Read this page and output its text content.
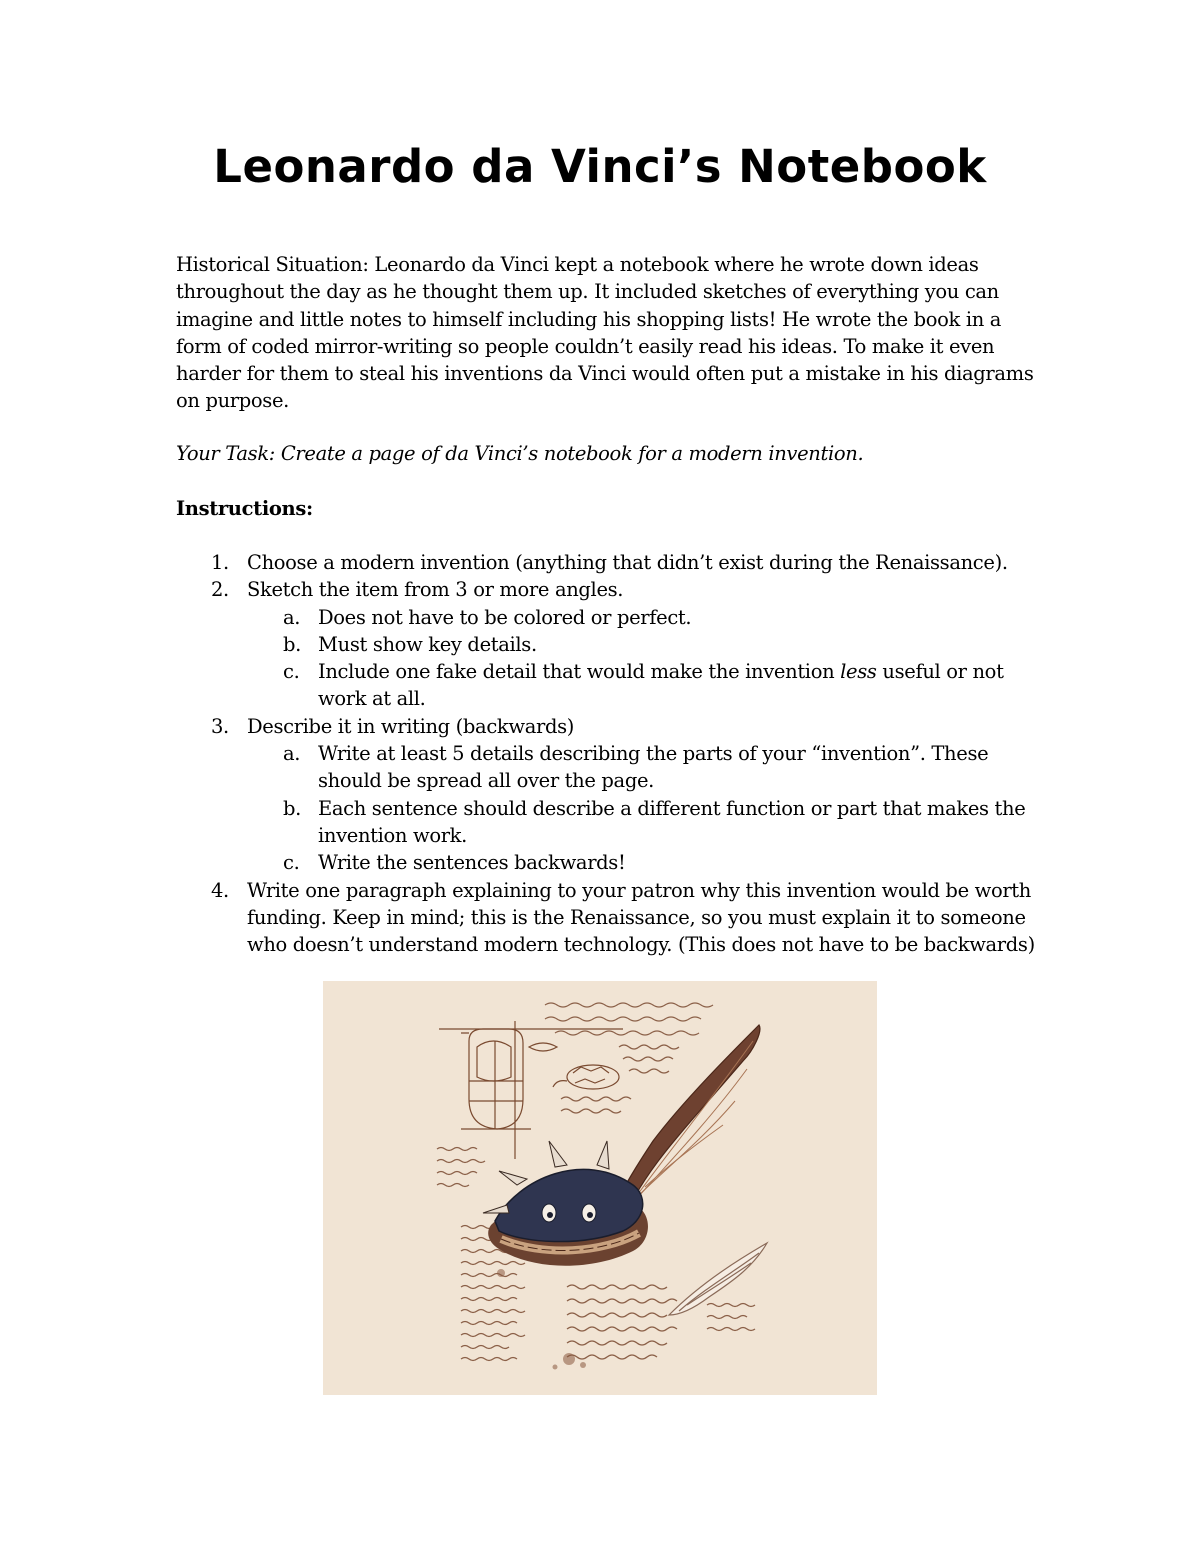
Leonardo da Vinci’s Notebook
Historical Situation: Leonardo da Vinci kept a notebook where he wrote down ideas throughout the day as he thought them up. It included sketches of everything you can imagine and little notes to himself including his shopping lists! He wrote the book in a form of coded mirror-writing so people couldn’t easily read his ideas. To make it even harder for them to steal his inventions da Vinci would often put a mistake in his diagrams on purpose.
Your Task: Create a page of da Vinci’s notebook for a modern invention.
Instructions:
1. Choose a modern invention (anything that didn’t exist during the Renaissance).
2. Sketch the item from 3 or more angles.
a. Does not have to be colored or perfect.
b. Must show key details.
c. Include one fake detail that would make the invention less useful or not work at all.
3. Describe it in writing (backwards)
a. Write at least 5 details describing the parts of your “invention”. These should be spread all over the page.
b. Each sentence should describe a different function or part that makes the invention work.
c. Write the sentences backwards!
4. Write one paragraph explaining to your patron why this invention would be worth funding. Keep in mind; this is the Renaissance, so you must explain it to someone who doesn’t understand modern technology. (This does not have to be backwards)
